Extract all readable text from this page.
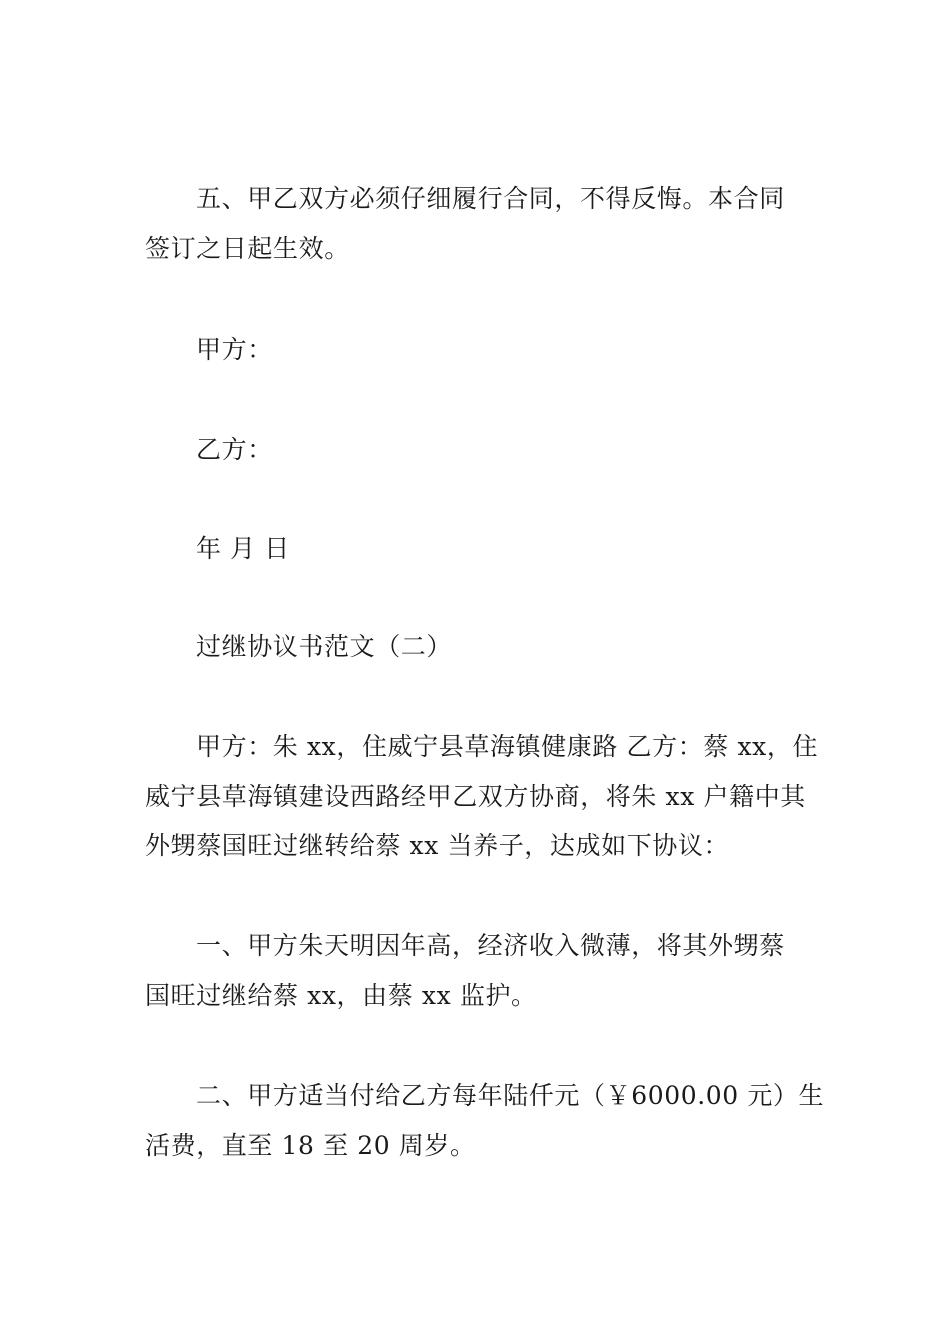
五、甲乙双方必须仔细履行合同，不得反悔。本合同

签订之日起生效。

甲方：

乙方：

年 月 日

过继协议书范文（二）

甲方：朱 xx，住威宁县草海镇健康路 乙方：蔡 xx，住

威宁县草海镇建设西路经甲乙双方协商，将朱 xx 户籍中其

外甥蔡国旺过继转给蔡 xx 当养子，达成如下协议：

一、甲方朱天明因年高，经济收入微薄，将其外甥蔡

国旺过继给蔡 xx，由蔡 xx 监护。

二、甲方适当付给乙方每年陆仟元（￥6000.00 元）生

活费，直至 18 至 20 周岁。
